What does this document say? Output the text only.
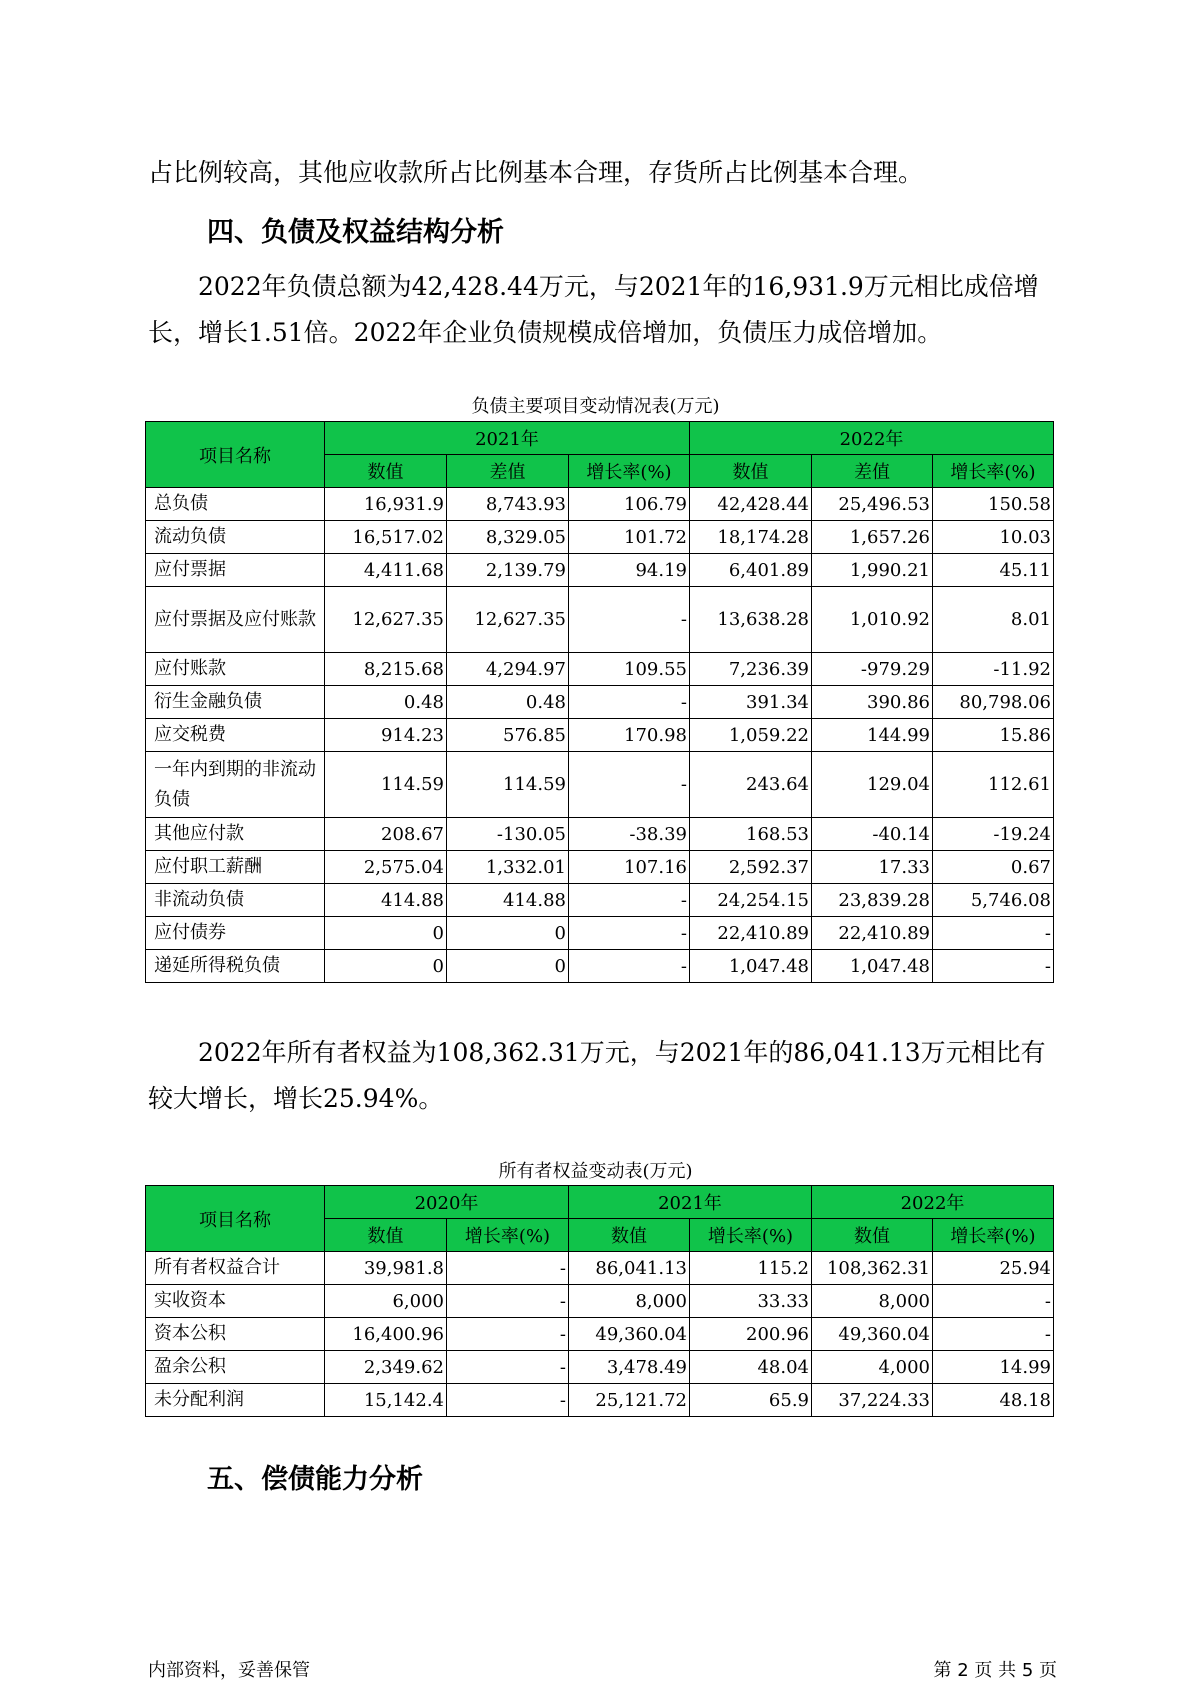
占比例较高，其他应收款所占比例基本合理，存货所占比例基本合理。

四、负债及权益结构分析

2022年负债总额为42,428.44万元，与2021年的16,931.9万元相比成倍增长，增长1.51倍。2022年企业负债规模成倍增加，负债压力成倍增加。

负债主要项目变动情况表(万元)

项目名称	2021年			2022年		
	数值	差值	增长率(%)	数值	差值	增长率(%)
总负债	16,931.9	8,743.93	106.79	42,428.44	25,496.53	150.58
流动负债	16,517.02	8,329.05	101.72	18,174.28	1,657.26	10.03
应付票据	4,411.68	2,139.79	94.19	6,401.89	1,990.21	45.11
应付票据及应付账款	12,627.35	12,627.35	-	13,638.28	1,010.92	8.01
应付账款	8,215.68	4,294.97	109.55	7,236.39	-979.29	-11.92
衍生金融负债	0.48	0.48	-	391.34	390.86	80,798.06
应交税费	914.23	576.85	170.98	1,059.22	144.99	15.86
一年内到期的非流动负债	114.59	114.59	-	243.64	129.04	112.61
其他应付款	208.67	-130.05	-38.39	168.53	-40.14	-19.24
应付职工薪酬	2,575.04	1,332.01	107.16	2,592.37	17.33	0.67
非流动负债	414.88	414.88	-	24,254.15	23,839.28	5,746.08
应付债券	0	0	-	22,410.89	22,410.89	-
递延所得税负债	0	0	-	1,047.48	1,047.48	-

2022年所有者权益为108,362.31万元，与2021年的86,041.13万元相比有较大增长，增长25.94%。

所有者权益变动表(万元)

项目名称	2020年		2021年		2022年	
	数值	增长率(%)	数值	增长率(%)	数值	增长率(%)
所有者权益合计	39,981.8	-	86,041.13	115.2	108,362.31	25.94
实收资本	6,000	-	8,000	33.33	8,000	-
资本公积	16,400.96	-	49,360.04	200.96	49,360.04	-
盈余公积	2,349.62	-	3,478.49	48.04	4,000	14.99
未分配利润	15,142.4	-	25,121.72	65.9	37,224.33	48.18
五、偿债能力分析

内部资料，妥善保管	第 2 页 共 5 页
